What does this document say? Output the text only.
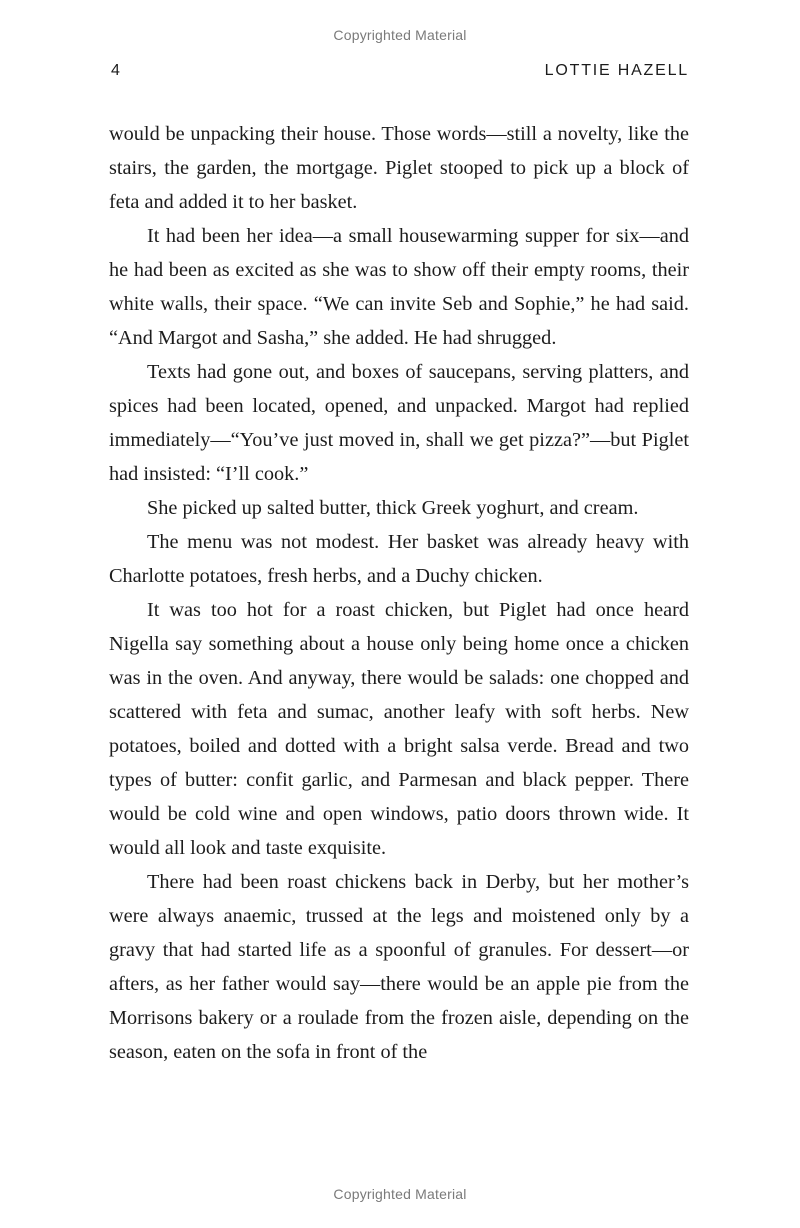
Copyrighted Material
4	LOTTIE HAZELL

would be unpacking their house. Those words—still a novelty, like the stairs, the garden, the mortgage. Piglet stooped to pick up a block of feta and added it to her basket.

It had been her idea—a small housewarming supper for six—and he had been as excited as she was to show off their empty rooms, their white walls, their space. “We can invite Seb and Sophie,” he had said. “And Margot and Sasha,” she added. He had shrugged.

Texts had gone out, and boxes of saucepans, serving platters, and spices had been located, opened, and unpacked. Margot had replied immediately—“You’ve just moved in, shall we get pizza?”—but Piglet had insisted: “I’ll cook.”

She picked up salted butter, thick Greek yoghurt, and cream.

The menu was not modest. Her basket was already heavy with Charlotte potatoes, fresh herbs, and a Duchy chicken.

It was too hot for a roast chicken, but Piglet had once heard Nigella say something about a house only being home once a chicken was in the oven. And anyway, there would be salads: one chopped and scattered with feta and sumac, another leafy with soft herbs. New potatoes, boiled and dotted with a bright salsa verde. Bread and two types of butter: confit garlic, and Parmesan and black pepper. There would be cold wine and open windows, patio doors thrown wide. It would all look and taste exquisite.

There had been roast chickens back in Derby, but her mother’s were always anaemic, trussed at the legs and moistened only by a gravy that had started life as a spoonful of granules. For dessert—or afters, as her father would say—there would be an apple pie from the Morrisons bakery or a roulade from the frozen aisle, depending on the season, eaten on the sofa in front of the

Copyrighted Material
